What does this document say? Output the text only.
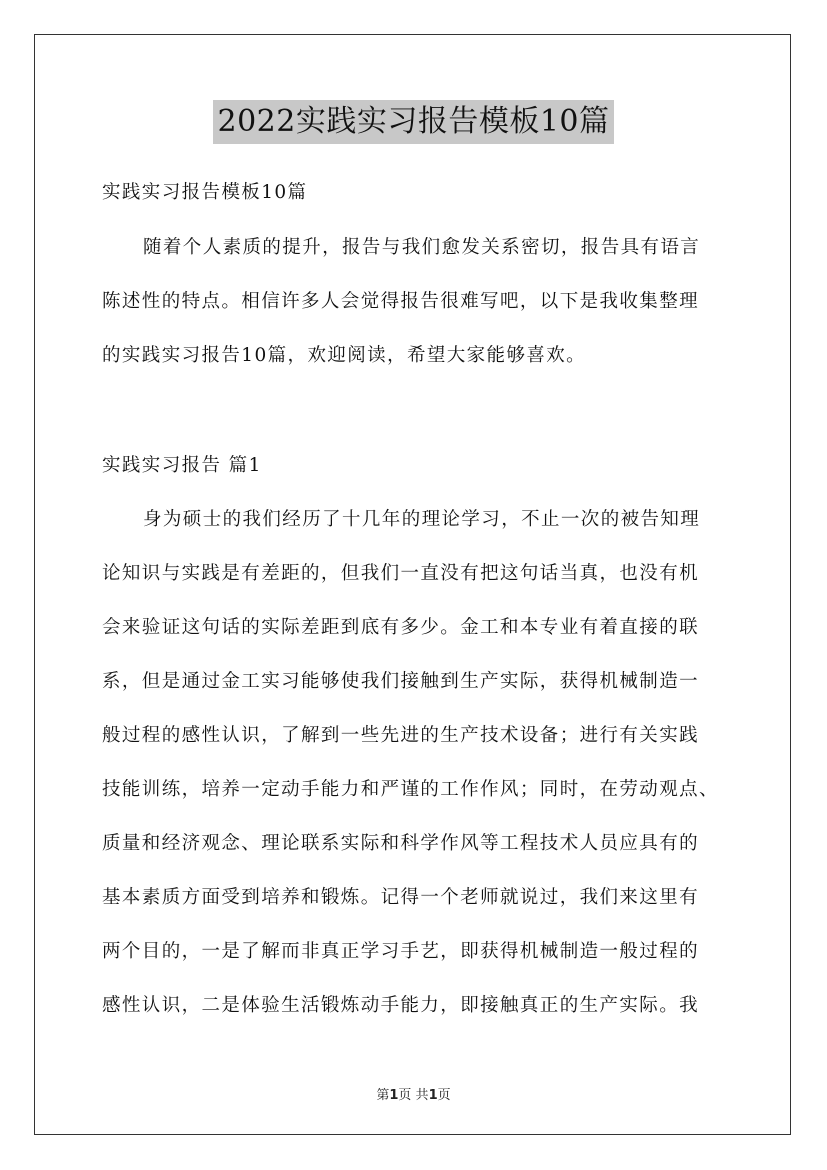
2022实践实习报告模板10篇
实践实习报告模板10篇
随着个人素质的提升，报告与我们愈发关系密切，报告具有语言
陈述性的特点。相信许多人会觉得报告很难写吧，以下是我收集整理
的实践实习报告10篇，欢迎阅读，希望大家能够喜欢。
实践实习报告 篇1
身为硕士的我们经历了十几年的理论学习，不止一次的被告知理
论知识与实践是有差距的，但我们一直没有把这句话当真，也没有机
会来验证这句话的实际差距到底有多少。金工和本专业有着直接的联
系，但是通过金工实习能够使我们接触到生产实际，获得机械制造一
般过程的感性认识，了解到一些先进的生产技术设备；进行有关实践
技能训练，培养一定动手能力和严谨的工作作风；同时，在劳动观点、
质量和经济观念、理论联系实际和科学作风等工程技术人员应具有的
基本素质方面受到培养和锻炼。记得一个老师就说过，我们来这里有
两个目的，一是了解而非真正学习手艺，即获得机械制造一般过程的
感性认识，二是体验生活锻炼动手能力，即接触真正的生产实际。我
第1页 共1页
